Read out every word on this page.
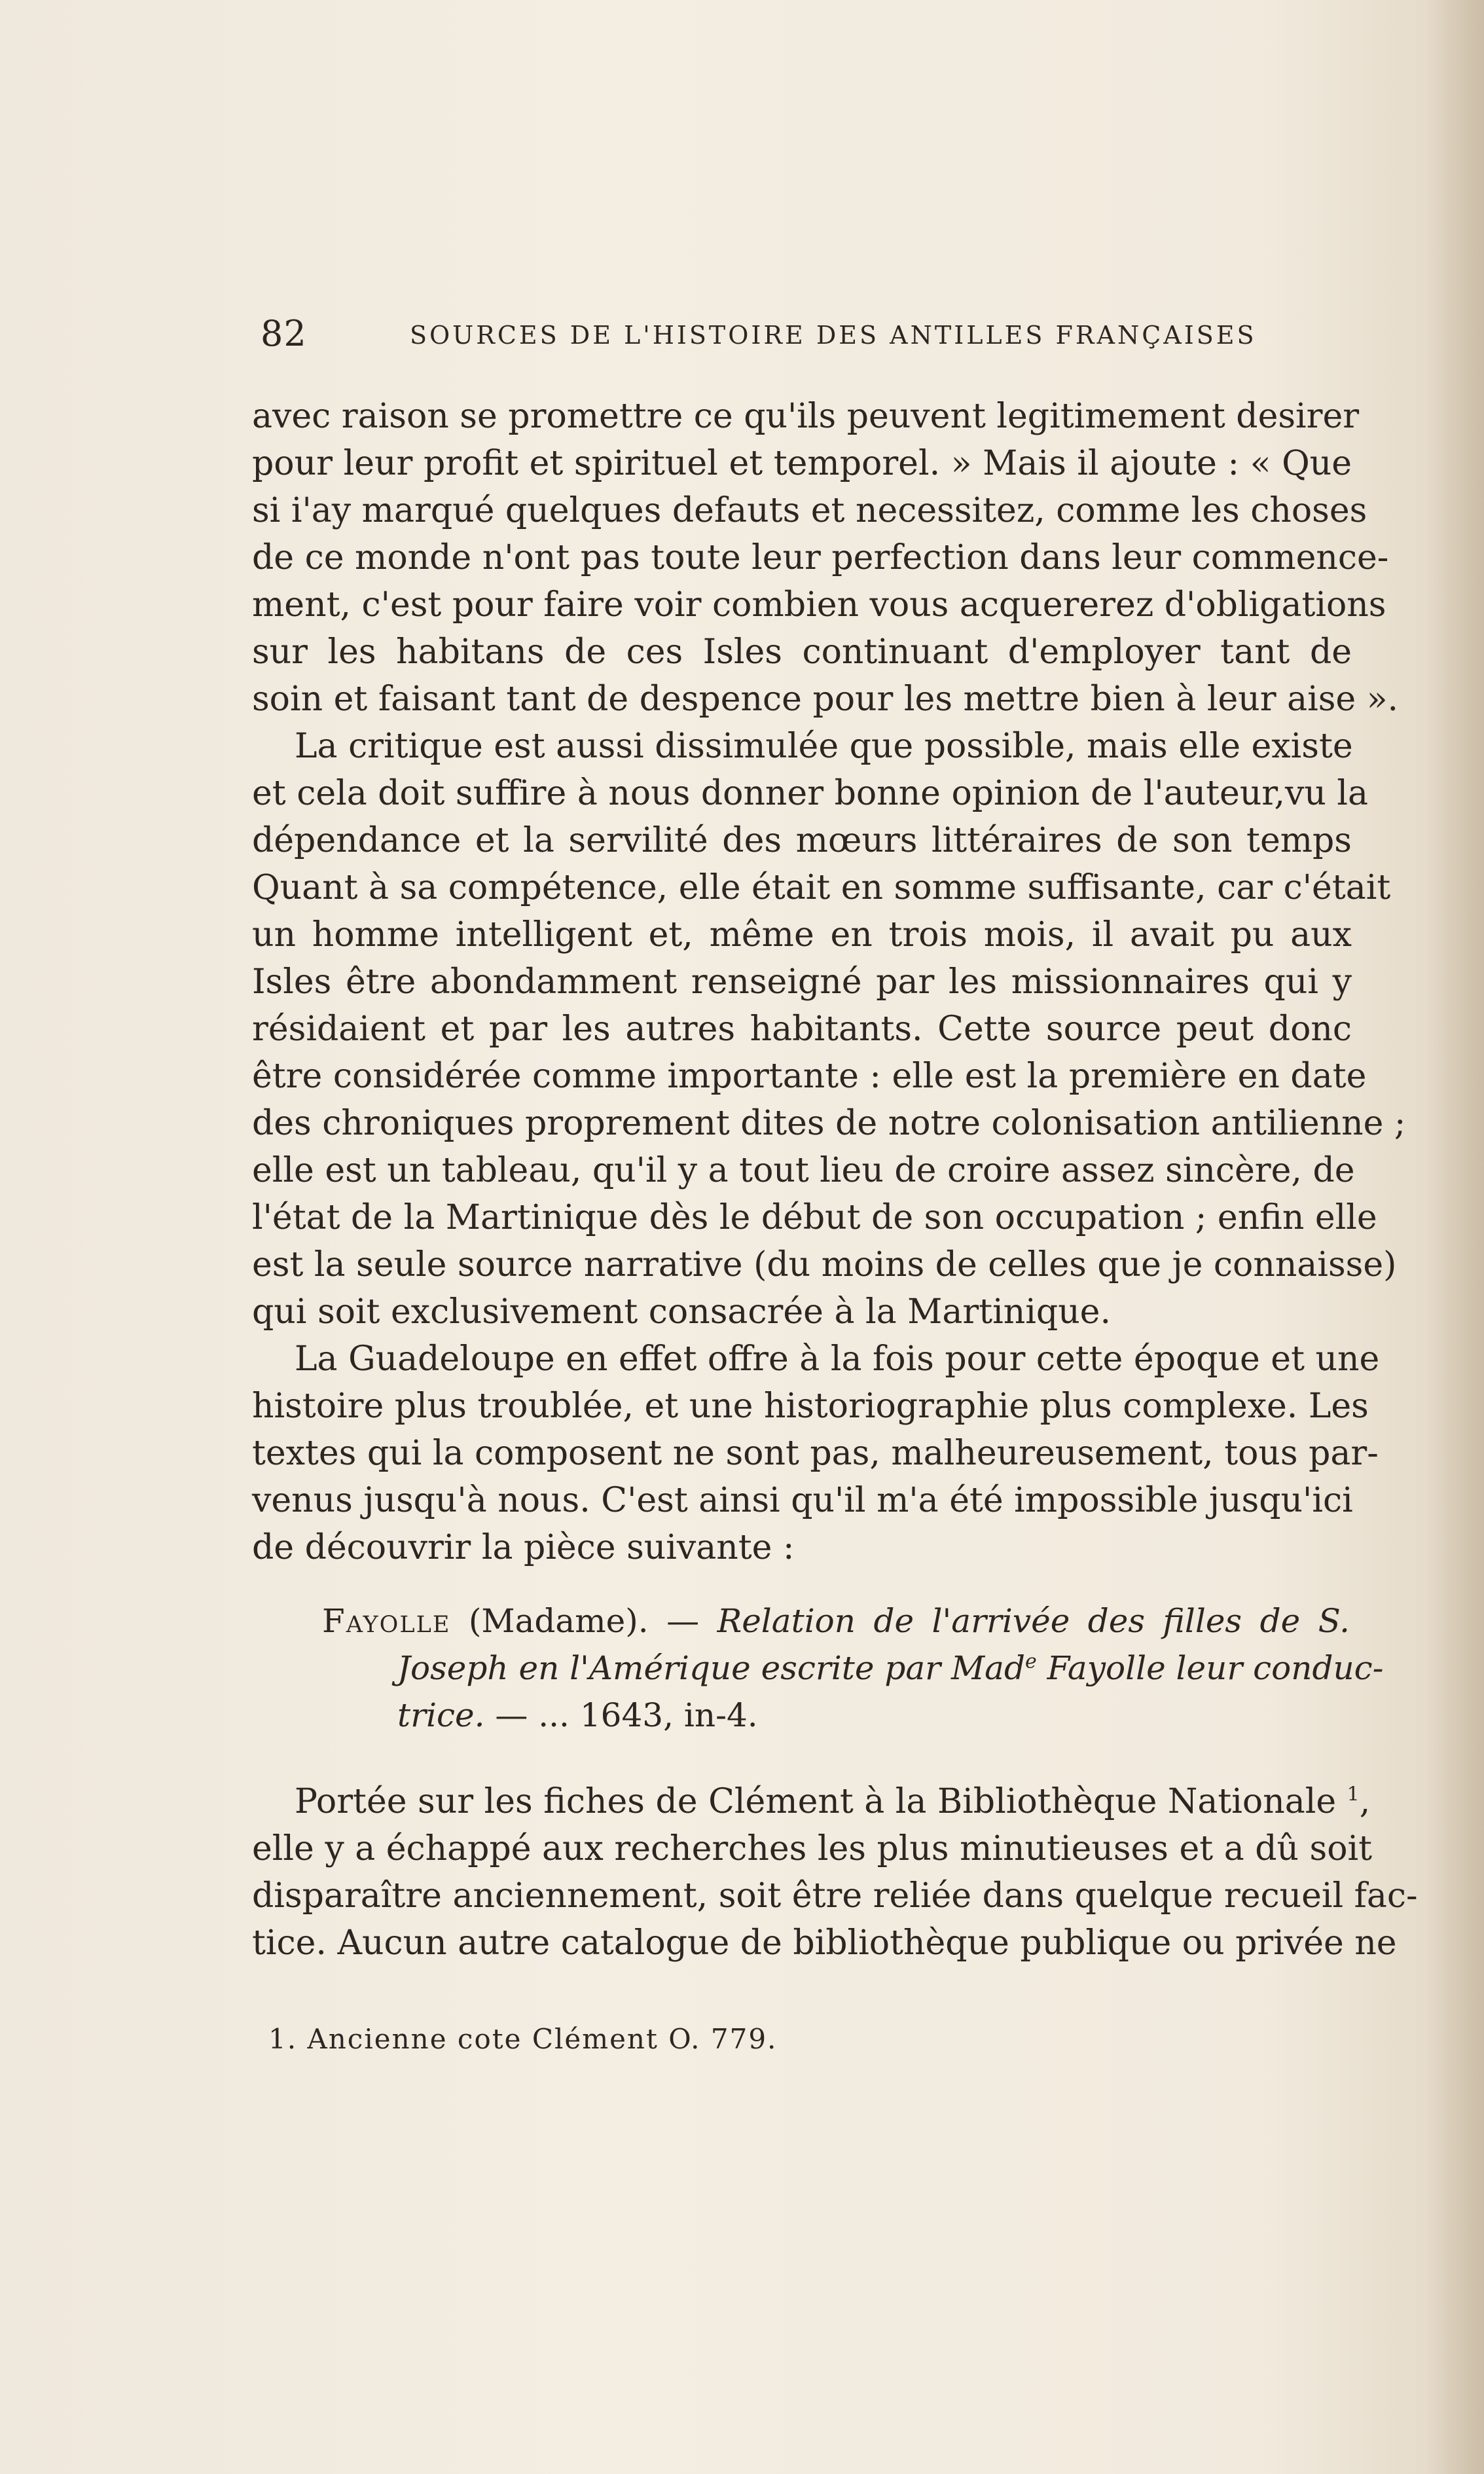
82	SOURCES DE L'HISTOIRE DES ANTILLES FRANÇAISES
avec raison se promettre ce qu'ils peuvent legitimement desirer
pour leur profit et spirituel et temporel. » Mais il ajoute : « Que
si i'ay marqué quelques defauts et necessitez, comme les choses
de ce monde n'ont pas toute leur perfection dans leur commence-
ment, c'est pour faire voir combien vous acquererez d'obligations
sur les habitans de ces Isles continuant d'employer tant de
soin et faisant tant de despence pour les mettre bien à leur aise ».
La critique est aussi dissimulée que possible, mais elle existe
et cela doit suffire à nous donner bonne opinion de l'auteur,vu la
dépendance et la servilité des mœurs littéraires de son temps
Quant à sa compétence, elle était en somme suffisante, car c'était
un homme intelligent et, même en trois mois, il avait pu aux
Isles être abondamment renseigné par les missionnaires qui y
résidaient et par les autres habitants. Cette source peut donc
être considérée comme importante : elle est la première en date
des chroniques proprement dites de notre colonisation antilienne ;
elle est un tableau, qu'il y a tout lieu de croire assez sincère, de
l'état de la Martinique dès le début de son occupation ; enfin elle
est la seule source narrative (du moins de celles que je connaisse)
qui soit exclusivement consacrée à la Martinique.
La Guadeloupe en effet offre à la fois pour cette époque et une
histoire plus troublée, et une historiographie plus complexe. Les
textes qui la composent ne sont pas, malheureusement, tous par-
venus jusqu'à nous. C'est ainsi qu'il m'a été impossible jusqu'ici
de découvrir la pièce suivante :
Fayolle (Madame). — Relation de l'arrivée des filles de S.
Joseph en l'Amérique escrite par Mad$^e$ Fayolle leur conduc-
trice. — ... 1643, in-4.
Portée sur les fiches de Clément à la Bibliothèque Nationale $^1$,
elle y a échappé aux recherches les plus minutieuses et a dû soit
disparaître anciennement, soit être reliée dans quelque recueil fac-
tice. Aucun autre catalogue de bibliothèque publique ou privée ne
1. Ancienne cote Clément O. 779.
